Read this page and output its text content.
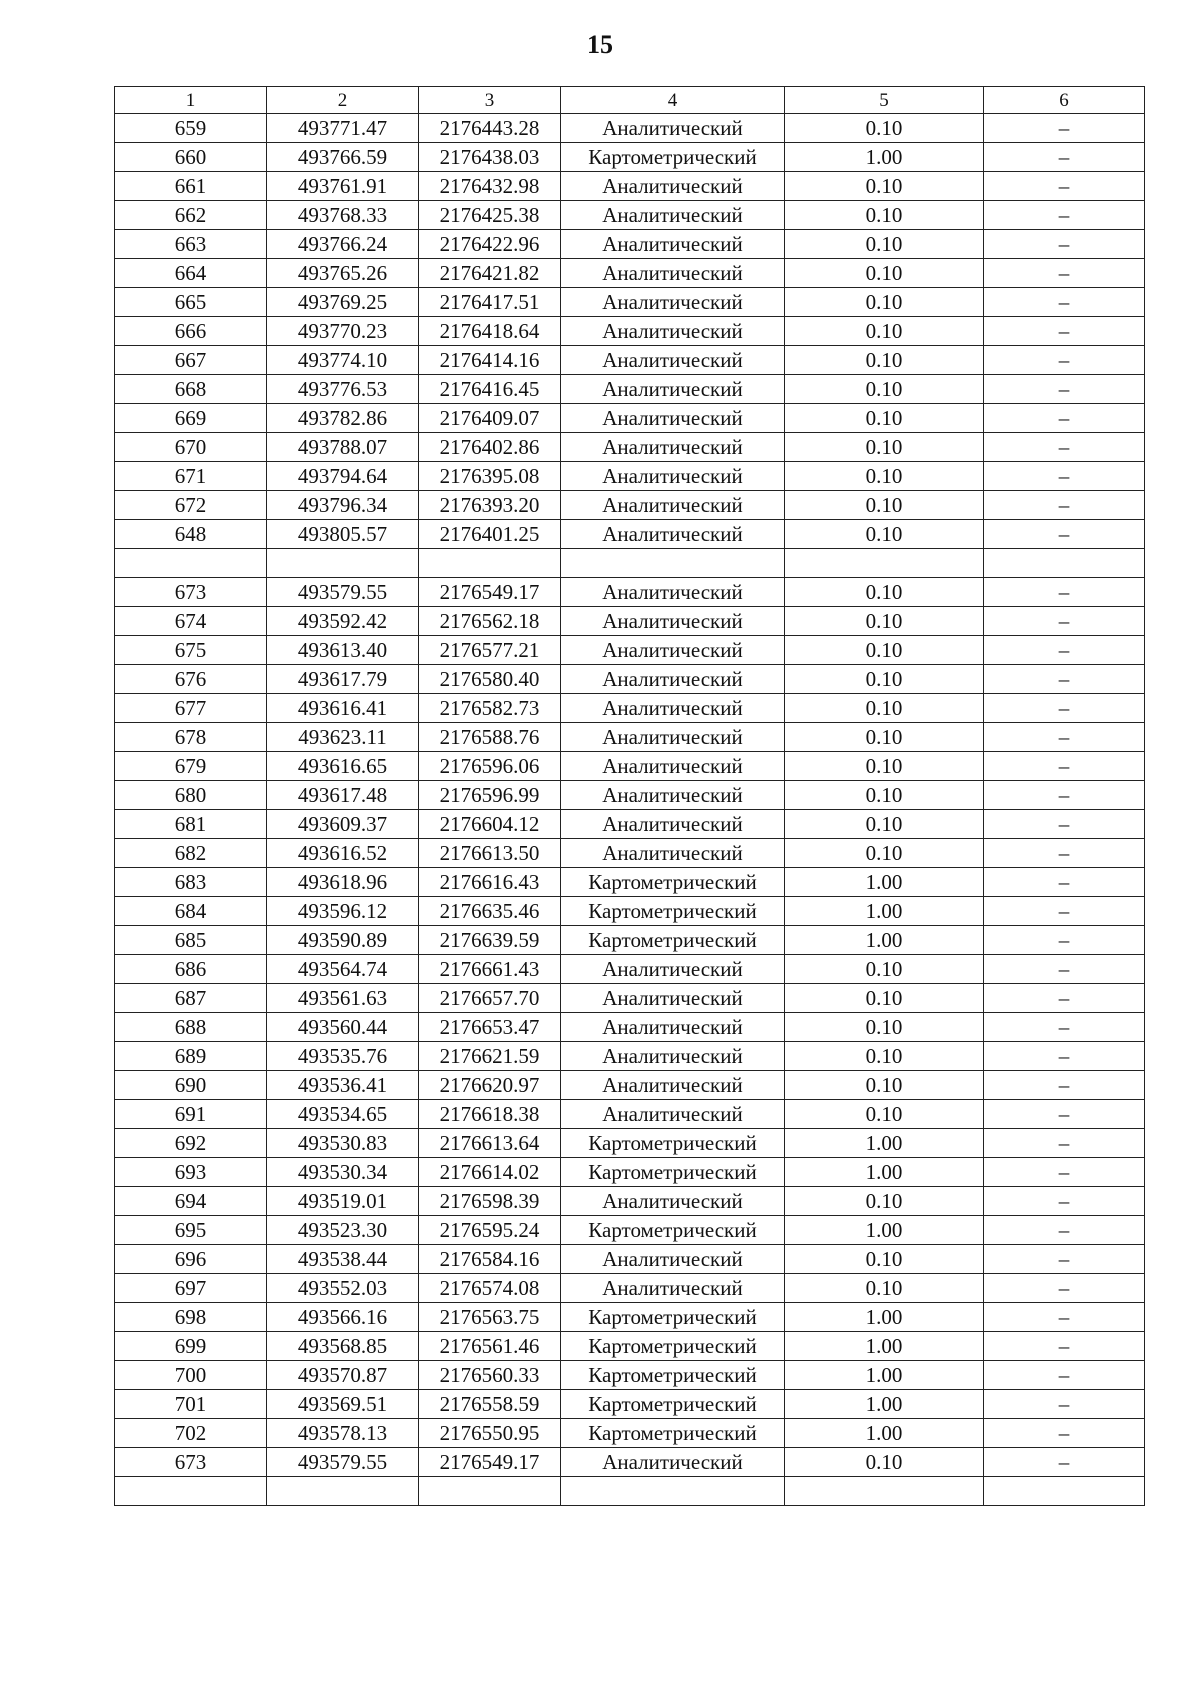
15
1	2	3	4	5	6
659	493771.47	2176443.28	Аналитический	0.10	–
660	493766.59	2176438.03	Картометрический	1.00	–
661	493761.91	2176432.98	Аналитический	0.10	–
662	493768.33	2176425.38	Аналитический	0.10	–
663	493766.24	2176422.96	Аналитический	0.10	–
664	493765.26	2176421.82	Аналитический	0.10	–
665	493769.25	2176417.51	Аналитический	0.10	–
666	493770.23	2176418.64	Аналитический	0.10	–
667	493774.10	2176414.16	Аналитический	0.10	–
668	493776.53	2176416.45	Аналитический	0.10	–
669	493782.86	2176409.07	Аналитический	0.10	–
670	493788.07	2176402.86	Аналитический	0.10	–
671	493794.64	2176395.08	Аналитический	0.10	–
672	493796.34	2176393.20	Аналитический	0.10	–
648	493805.57	2176401.25	Аналитический	0.10	–

673	493579.55	2176549.17	Аналитический	0.10	–
674	493592.42	2176562.18	Аналитический	0.10	–
675	493613.40	2176577.21	Аналитический	0.10	–
676	493617.79	2176580.40	Аналитический	0.10	–
677	493616.41	2176582.73	Аналитический	0.10	–
678	493623.11	2176588.76	Аналитический	0.10	–
679	493616.65	2176596.06	Аналитический	0.10	–
680	493617.48	2176596.99	Аналитический	0.10	–
681	493609.37	2176604.12	Аналитический	0.10	–
682	493616.52	2176613.50	Аналитический	0.10	–
683	493618.96	2176616.43	Картометрический	1.00	–
684	493596.12	2176635.46	Картометрический	1.00	–
685	493590.89	2176639.59	Картометрический	1.00	–
686	493564.74	2176661.43	Аналитический	0.10	–
687	493561.63	2176657.70	Аналитический	0.10	–
688	493560.44	2176653.47	Аналитический	0.10	–
689	493535.76	2176621.59	Аналитический	0.10	–
690	493536.41	2176620.97	Аналитический	0.10	–
691	493534.65	2176618.38	Аналитический	0.10	–
692	493530.83	2176613.64	Картометрический	1.00	–
693	493530.34	2176614.02	Картометрический	1.00	–
694	493519.01	2176598.39	Аналитический	0.10	–
695	493523.30	2176595.24	Картометрический	1.00	–
696	493538.44	2176584.16	Аналитический	0.10	–
697	493552.03	2176574.08	Аналитический	0.10	–
698	493566.16	2176563.75	Картометрический	1.00	–
699	493568.85	2176561.46	Картометрический	1.00	–
700	493570.87	2176560.33	Картометрический	1.00	–
701	493569.51	2176558.59	Картометрический	1.00	–
702	493578.13	2176550.95	Картометрический	1.00	–
673	493579.55	2176549.17	Аналитический	0.10	–
